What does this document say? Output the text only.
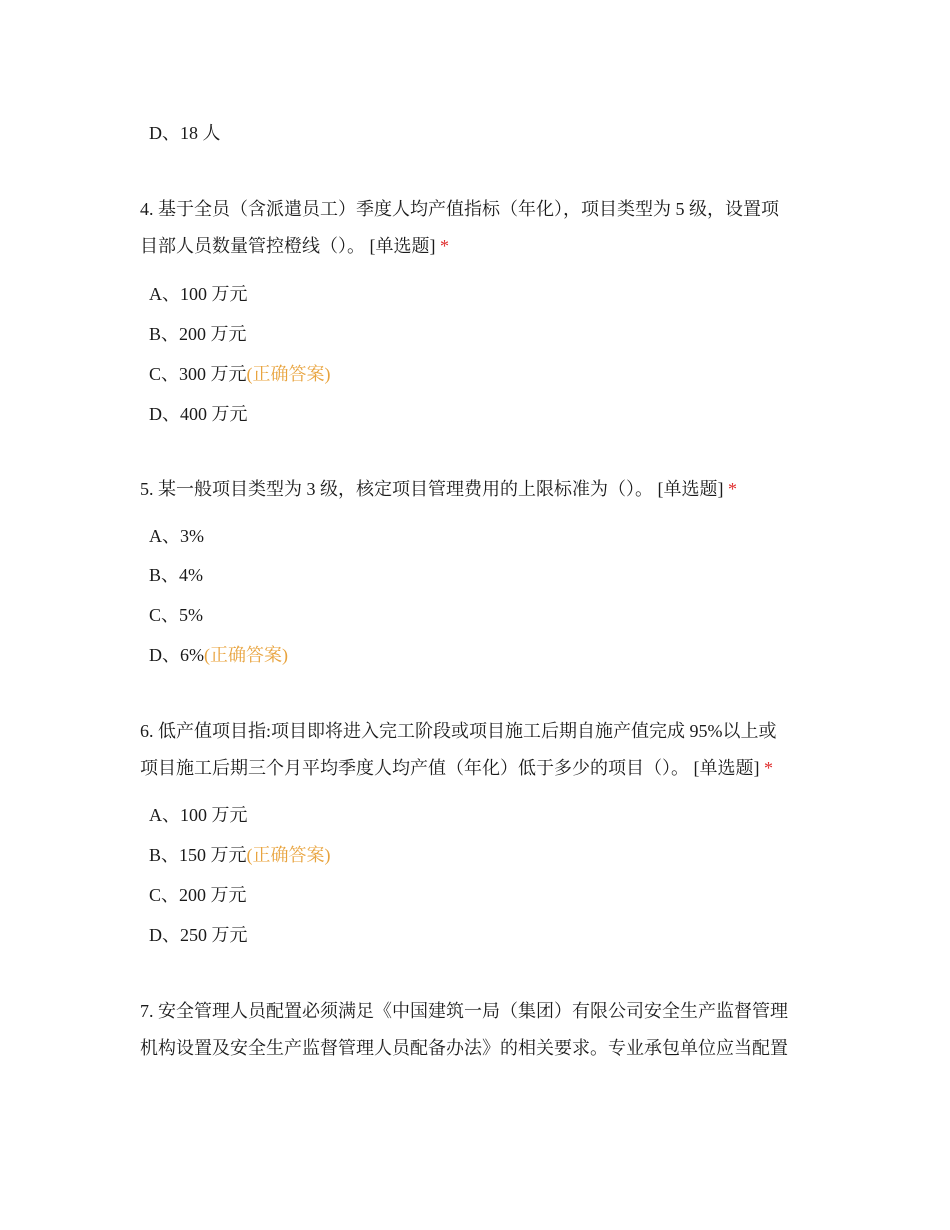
D、18 人
4. 基于全员（含派遣员工）季度人均产值指标（年化），项目类型为 5 级，设置项
目部人员数量管控橙线（）。 [单选题] *
A、100 万元
B、200 万元
C、300 万元(正确答案)
D、400 万元
5. 某一般项目类型为 3 级，核定项目管理费用的上限标准为（）。 [单选题] *
A、3%
B、4%
C、5%
D、6%(正确答案)
6. 低产值项目指:项目即将进入完工阶段或项目施工后期自施产值完成 95%以上或
项目施工后期三个月平均季度人均产值（年化）低于多少的项目（）。 [单选题] *
A、100 万元
B、150 万元(正确答案)
C、200 万元
D、250 万元
7. 安全管理人员配置必须满足《中国建筑一局（集团）有限公司安全生产监督管理
机构设置及安全生产监督管理人员配备办法》的相关要求。专业承包单位应当配置
